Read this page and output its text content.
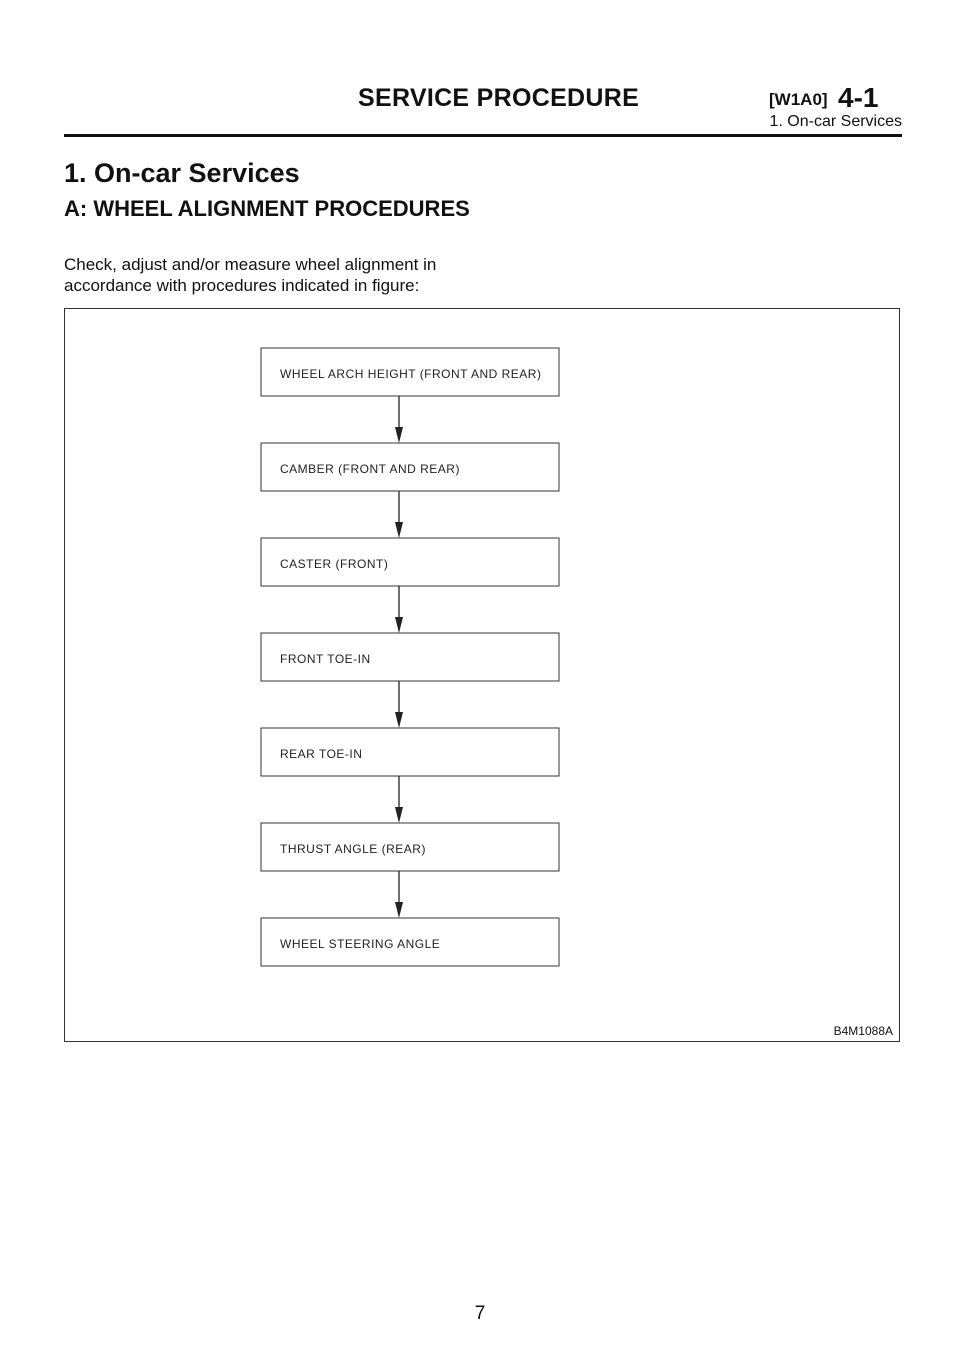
SERVICE PROCEDURE	[W1A0] 4-1
1. On-car Services
1. On-car Services
A: WHEEL ALIGNMENT PROCEDURES
Check, adjust and/or measure wheel alignment in accordance with procedures indicated in figure:
WHEEL ARCH HEIGHT (FRONT AND REAR)
CAMBER (FRONT AND REAR)
CASTER (FRONT)
FRONT TOE-IN
REAR TOE-IN
THRUST ANGLE (REAR)
WHEEL STEERING ANGLE
B4M1088A
7
